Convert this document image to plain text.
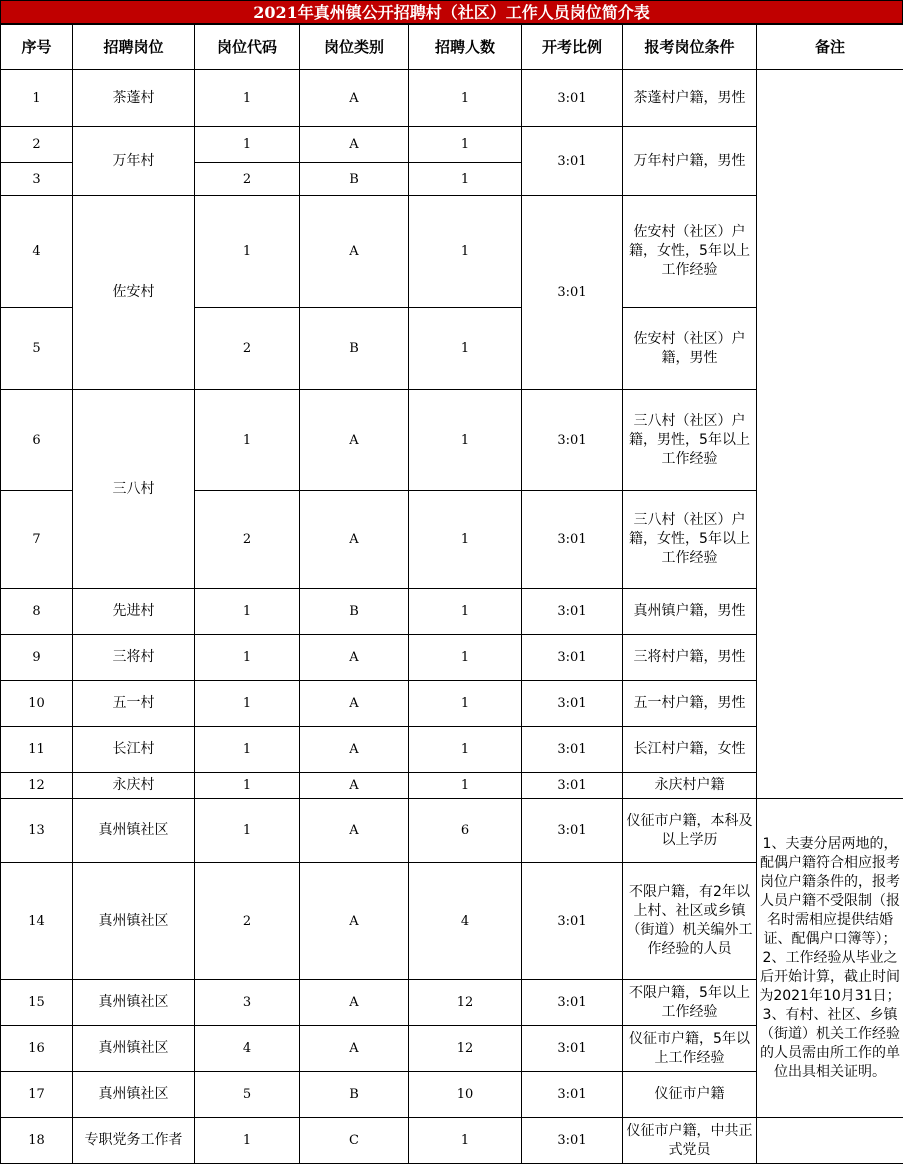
2021年真州镇公开招聘村（社区）工作人员岗位简介表
序号	招聘岗位	岗位代码	岗位类别	招聘人数	开考比例	报考岗位条件	备注
1	茶蓬村	1	A	1	3:01	茶蓬村户籍，男性	
2	万年村	1	A	1	3:01	万年村户籍，男性	
3		2	B	1			
4	佐安村	1	A	1	3:01	佐安村（社区）户籍，女性，5年以上工作经验	
5		2	B	1		佐安村（社区）户籍，男性	
6	三八村	1	A	1	3:01	三八村（社区）户籍，男性，5年以上工作经验	
7		2	A	1	3:01	三八村（社区）户籍，女性，5年以上工作经验	
8	先进村	1	B	1	3:01	真州镇户籍，男性	
9	三将村	1	A	1	3:01	三将村户籍，男性	
10	五一村	1	A	1	3:01	五一村户籍，男性	
11	长江村	1	A	1	3:01	长江村户籍，女性	
12	永庆村	1	A	1	3:01	永庆村户籍	
13	真州镇社区	1	A	6	3:01	仪征市户籍，本科及以上学历	1、夫妻分居两地的，配偶户籍符合相应报考岗位户籍条件的，报考人员户籍不受限制（报名时需相应提供结婚证、配偶户口簿等）；2、工作经验从毕业之后开始计算，截止时间为2021年10月31日；3、有村、社区、乡镇（街道）机关工作经验的人员需由所工作的单位出具相关证明。
14	真州镇社区	2	A	4	3:01	不限户籍，有2年以上村、社区或乡镇（街道）机关编外工作经验的人员	
15	真州镇社区	3	A	12	3:01	不限户籍，5年以上工作经验	
16	真州镇社区	4	A	12	3:01	仪征市户籍，5年以上工作经验	
17	真州镇社区	5	B	10	3:01	仪征市户籍	
18	专职党务工作者	1	C	1	3:01	仪征市户籍，中共正式党员	
